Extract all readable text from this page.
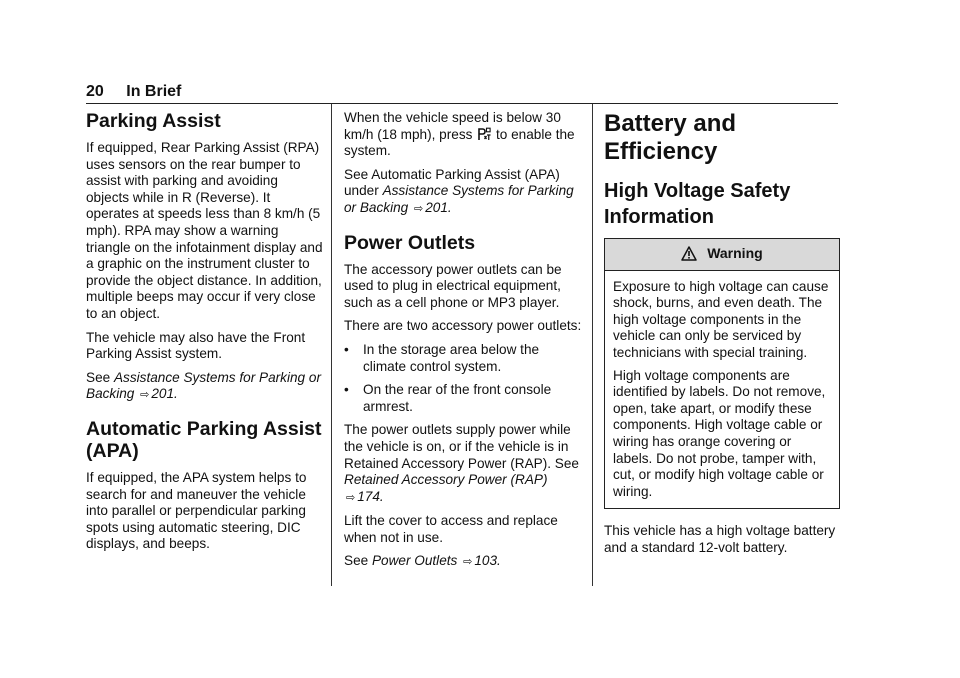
20 In Brief
Parking Assist

If equipped, Rear Parking Assist (RPA) uses sensors on the rear bumper to assist with parking and avoiding objects while in R (Reverse). It operates at speeds less than 8 km/h (5 mph). RPA may show a warning triangle on the infotainment display and a graphic on the instrument cluster to provide the object distance. In addition, multiple beeps may occur if very close to an object.

The vehicle may also have the Front Parking Assist system.

See Assistance Systems for Parking or Backing ⇨ 201.

Automatic Parking Assist (APA)

If equipped, the APA system helps to search for and maneuver the vehicle into parallel or perpendicular parking spots using automatic steering, DIC displays, and beeps.

When the vehicle speed is below 30 km/h (18 mph), press to enable the system.

See Automatic Parking Assist (APA) under Assistance Systems for Parking or Backing ⇨ 201.

Power Outlets

The accessory power outlets can be used to plug in electrical equipment, such as a cell phone or MP3 player.

There are two accessory power outlets:

• In the storage area below the climate control system.
• On the rear of the front console armrest.

The power outlets supply power while the vehicle is on, or if the vehicle is in Retained Accessory Power (RAP). See Retained Accessory Power (RAP) ⇨ 174.

Lift the cover to access and replace when not in use.

See Power Outlets ⇨ 103.

Battery and Efficiency
High Voltage Safety Information
Warning

Exposure to high voltage can cause shock, burns, and even death. The high voltage components in the vehicle can only be serviced by technicians with special training.

High voltage components are identified by labels. Do not remove, open, take apart, or modify these components. High voltage cable or wiring has orange covering or labels. Do not probe, tamper with, cut, or modify high voltage cable or wiring.

This vehicle has a high voltage battery and a standard 12-volt battery.
